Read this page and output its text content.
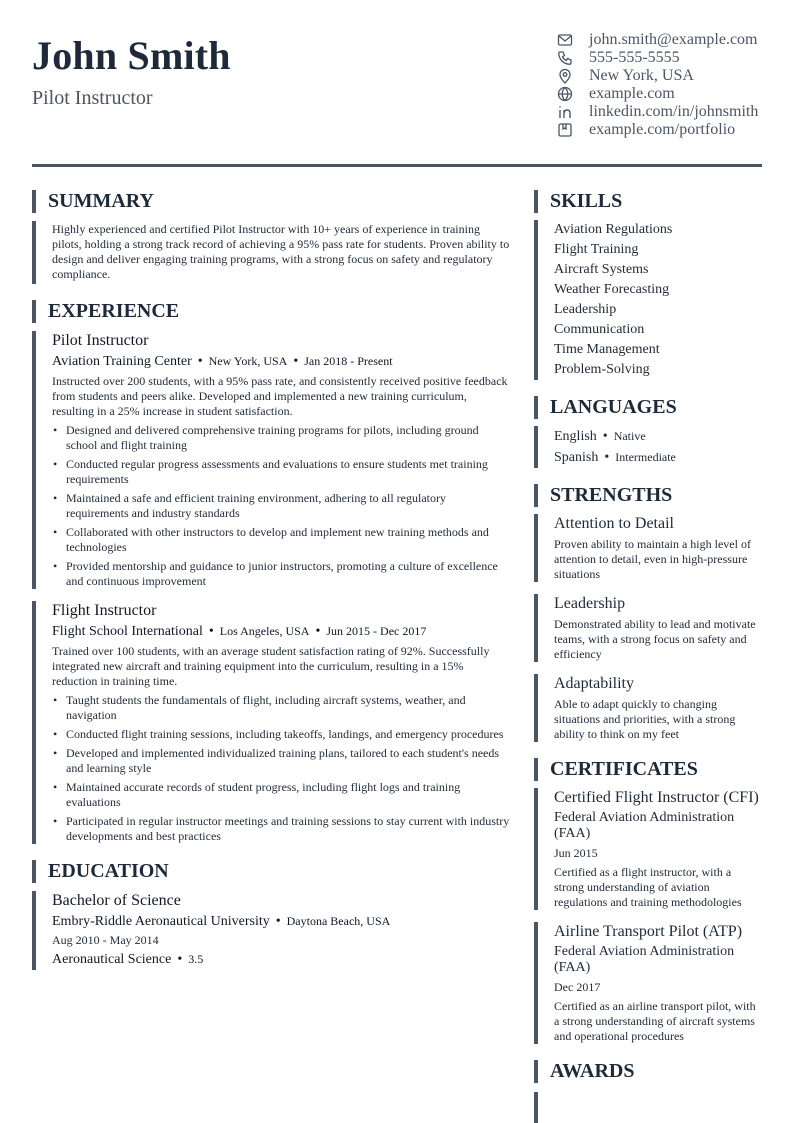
John Smith
Pilot Instructor
john.smith@example.com
555-555-5555
New York, USA
example.com
linkedin.com/in/johnsmith
example.com/portfolio
SUMMARY
Highly experienced and certified Pilot Instructor with 10+ years of experience in training pilots, holding a strong track record of achieving a 95% pass rate for students. Proven ability to design and deliver engaging training programs, with a strong focus on safety and regulatory compliance.
EXPERIENCE
Pilot Instructor
Aviation Training Center • New York, USA • Jan 2018 - Present
Instructed over 200 students, with a 95% pass rate, and consistently received positive feedback from students and peers alike. Developed and implemented a new training curriculum, resulting in a 25% increase in student satisfaction.
• Designed and delivered comprehensive training programs for pilots, including ground school and flight training
• Conducted regular progress assessments and evaluations to ensure students met training requirements
• Maintained a safe and efficient training environment, adhering to all regulatory requirements and industry standards
• Collaborated with other instructors to develop and implement new training methods and technologies
• Provided mentorship and guidance to junior instructors, promoting a culture of excellence and continuous improvement
Flight Instructor
Flight School International • Los Angeles, USA • Jun 2015 - Dec 2017
Trained over 100 students, with an average student satisfaction rating of 92%. Successfully integrated new aircraft and training equipment into the curriculum, resulting in a 15% reduction in training time.
• Taught students the fundamentals of flight, including aircraft systems, weather, and navigation
• Conducted flight training sessions, including takeoffs, landings, and emergency procedures
• Developed and implemented individualized training plans, tailored to each student's needs and learning style
• Maintained accurate records of student progress, including flight logs and training evaluations
• Participated in regular instructor meetings and training sessions to stay current with industry developments and best practices
EDUCATION
Bachelor of Science
Embry-Riddle Aeronautical University • Daytona Beach, USA
Aug 2010 - May 2014
Aeronautical Science • 3.5
SKILLS
Aviation Regulations
Flight Training
Aircraft Systems
Weather Forecasting
Leadership
Communication
Time Management
Problem-Solving
LANGUAGES
English • Native
Spanish • Intermediate
STRENGTHS
Attention to Detail
Proven ability to maintain a high level of attention to detail, even in high-pressure situations
Leadership
Demonstrated ability to lead and motivate teams, with a strong focus on safety and efficiency
Adaptability
Able to adapt quickly to changing situations and priorities, with a strong ability to think on my feet
CERTIFICATES
Certified Flight Instructor (CFI)
Federal Aviation Administration (FAA)
Jun 2015
Certified as a flight instructor, with a strong understanding of aviation regulations and training methodologies
Airline Transport Pilot (ATP)
Federal Aviation Administration (FAA)
Dec 2017
Certified as an airline transport pilot, with a strong understanding of aircraft systems and operational procedures
AWARDS
